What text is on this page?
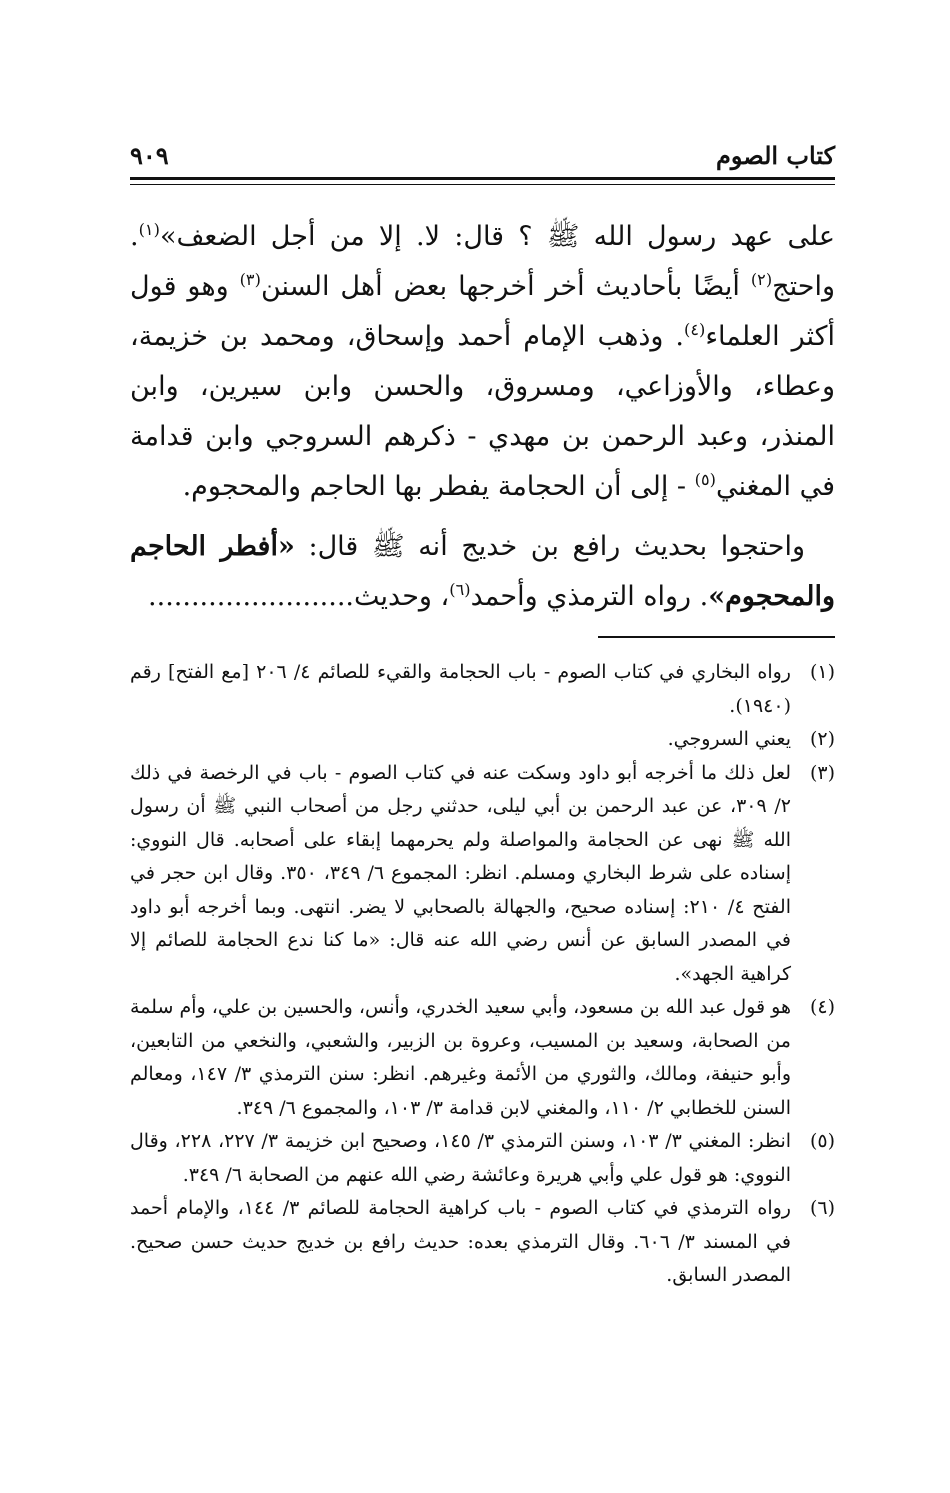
كتاب الصوم
٩٠٩

على عهد رسول الله ﷺ ؟ قال: لا. إلا من أجل الضعف»$^{(١)}$. واحتج$^{(٢)}$ أيضًا بأحاديث أخر أخرجها بعض أهل السنن$^{(٣)}$ وهو قول أكثر العلماء$^{(٤)}$. وذهب الإمام أحمد وإسحاق، ومحمد بن خزيمة، وعطاء، والأوزاعي، ومسروق، والحسن وابن سيرين، وابن المنذر، وعبد الرحمن بن مهدي - ذكرهم السروجي وابن قدامة في المغني$^{(٥)}$ - إلى أن الحجامة يفطر بها الحاجم والمحجوم.

واحتجوا بحديث رافع بن خديج أنه ﷺ قال: «أفطر الحاجم والمحجوم». رواه الترمذي وأحمد$^{(٦)}$، وحديث........................

(١)
رواه البخاري في كتاب الصوم - باب الحجامة والقيء للصائم ٤/ ٢٠٦ [مع الفتح] رقم (١٩٤٠).
(٢)
يعني السروجي.
(٣)
لعل ذلك ما أخرجه أبو داود وسكت عنه في كتاب الصوم - باب في الرخصة في ذلك ٢/ ٣٠٩، عن عبد الرحمن بن أبي ليلى، حدثني رجل من أصحاب النبي ﷺ أن رسول الله ﷺ نهى عن الحجامة والمواصلة ولم يحرمهما إبقاء على أصحابه. قال النووي: إسناده على شرط البخاري ومسلم. انظر: المجموع ٦/ ٣٤٩، ٣٥٠. وقال ابن حجر في الفتح ٤/ ٢١٠: إسناده صحيح، والجهالة بالصحابي لا يضر. انتهى. وبما أخرجه أبو داود في المصدر السابق عن أنس رضي الله عنه قال: «ما كنا ندع الحجامة للصائم إلا كراهية الجهد».
(٤)
هو قول عبد الله بن مسعود، وأبي سعيد الخدري، وأنس، والحسين بن علي، وأم سلمة من الصحابة، وسعيد بن المسيب، وعروة بن الزبير، والشعبي، والنخعي من التابعين، وأبو حنيفة، ومالك، والثوري من الأئمة وغيرهم. انظر: سنن الترمذي ٣/ ١٤٧، ومعالم السنن للخطابي ٢/ ١١٠، والمغني لابن قدامة ٣/ ١٠٣، والمجموع ٦/ ٣٤٩.
(٥)
انظر: المغني ٣/ ١٠٣، وسنن الترمذي ٣/ ١٤٥، وصحيح ابن خزيمة ٣/ ٢٢٧، ٢٢٨، وقال النووي: هو قول علي وأبي هريرة وعائشة رضي الله عنهم من الصحابة ٦/ ٣٤٩.
(٦)
رواه الترمذي في كتاب الصوم - باب كراهية الحجامة للصائم ٣/ ١٤٤، والإمام أحمد في المسند ٣/ ٦٠٦. وقال الترمذي بعده: حديث رافع بن خديج حديث حسن صحيح. المصدر السابق.
